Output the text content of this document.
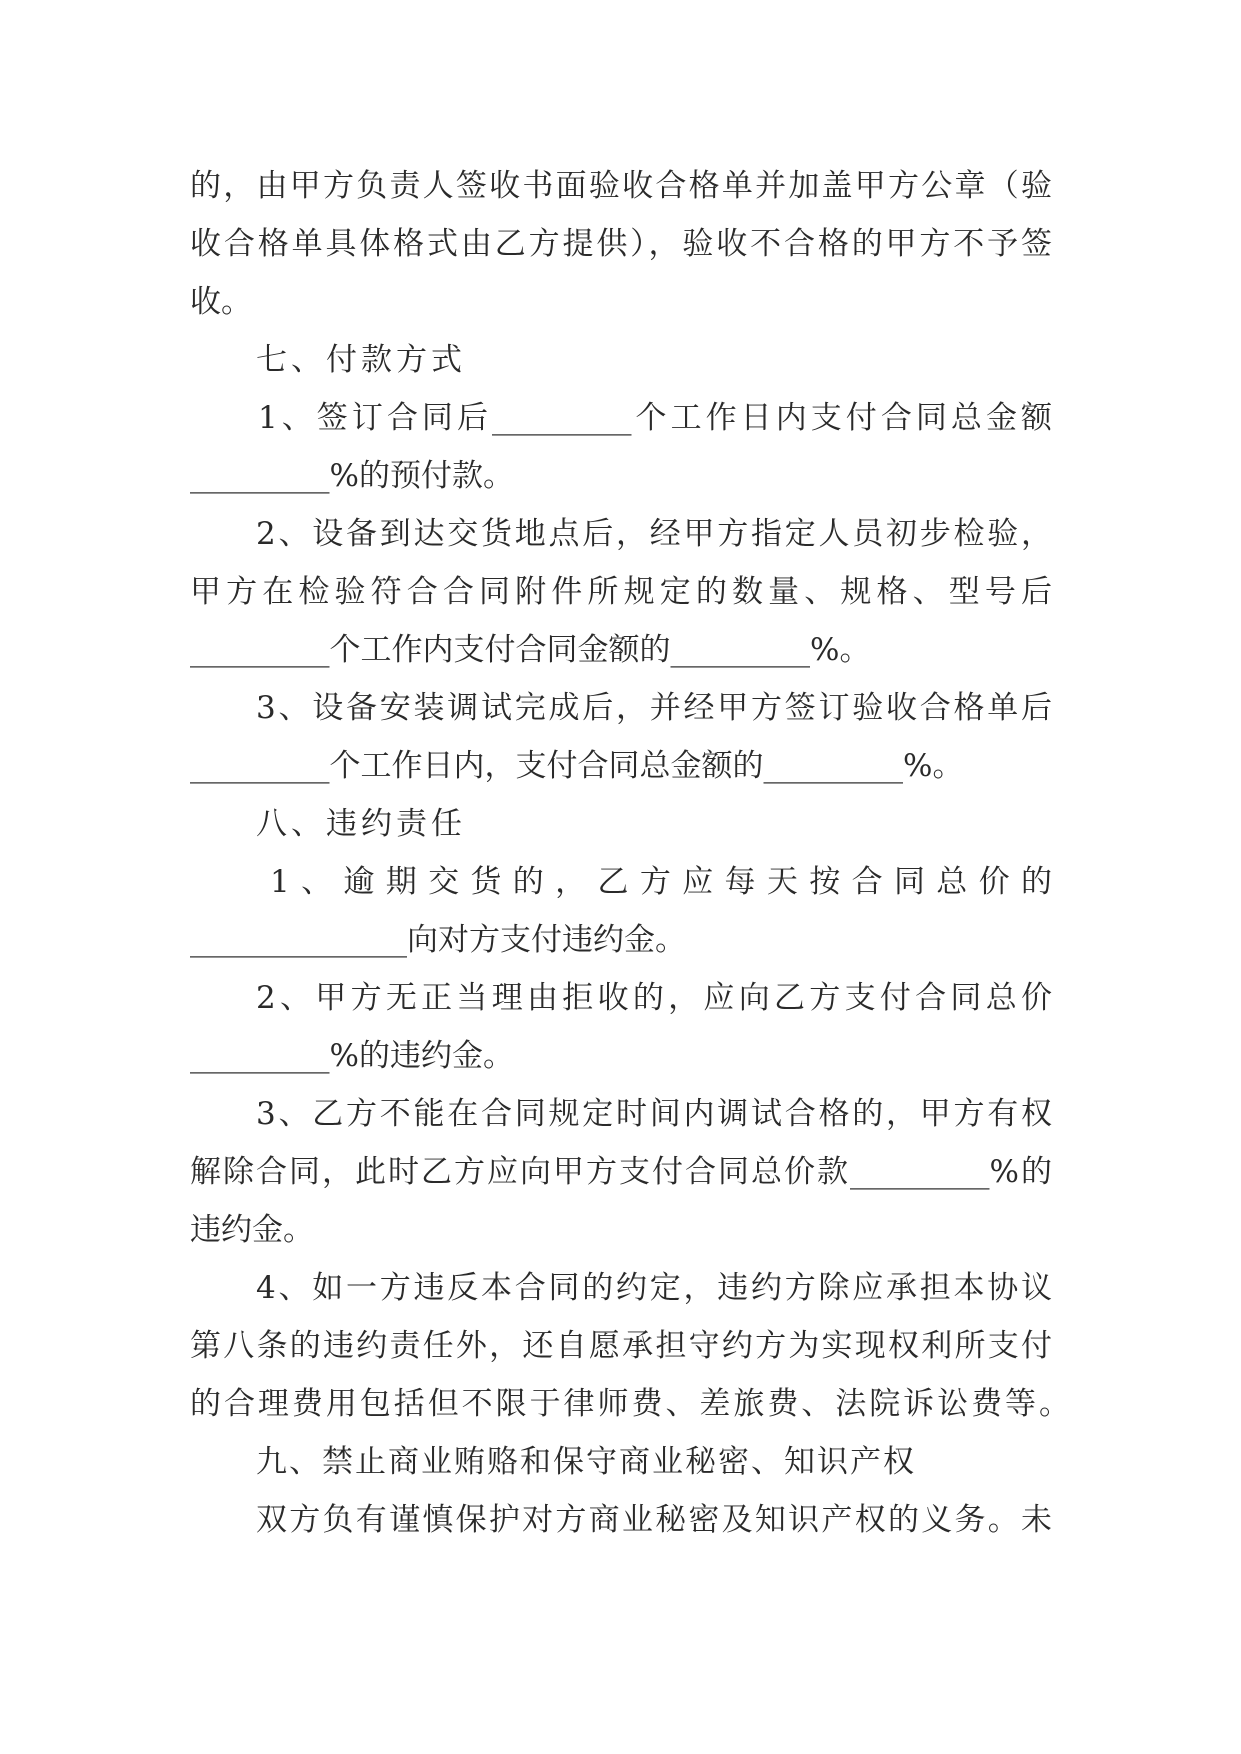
的，由甲方负责人签收书面验收合格单并加盖甲方公章（验
收合格单具体格式由乙方提供），验收不合格的甲方不予签
收。
七、付款方式
1、签订合同后_________个工作日内支付合同总金额
_________%的预付款。
2、设备到达交货地点后，经甲方指定人员初步检验，
甲方在检验符合合同附件所规定的数量、规格、型号后
_________个工作内支付合同金额的_________%。
3、设备安装调试完成后，并经甲方签订验收合格单后
_________个工作日内，支付合同总金额的_________%。
八、违约责任
1、逾期交货的，乙方应每天按合同总价的
______________向对方支付违约金。
2、甲方无正当理由拒收的，应向乙方支付合同总价
_________%的违约金。
3、乙方不能在合同规定时间内调试合格的，甲方有权
解除合同，此时乙方应向甲方支付合同总价款_________%的
违约金。
4、如一方违反本合同的约定，违约方除应承担本协议
第八条的违约责任外，还自愿承担守约方为实现权利所支付
的合理费用包括但不限于律师费、差旅费、法院诉讼费等。
九、禁止商业贿赂和保守商业秘密、知识产权
双方负有谨慎保护对方商业秘密及知识产权的义务。未
